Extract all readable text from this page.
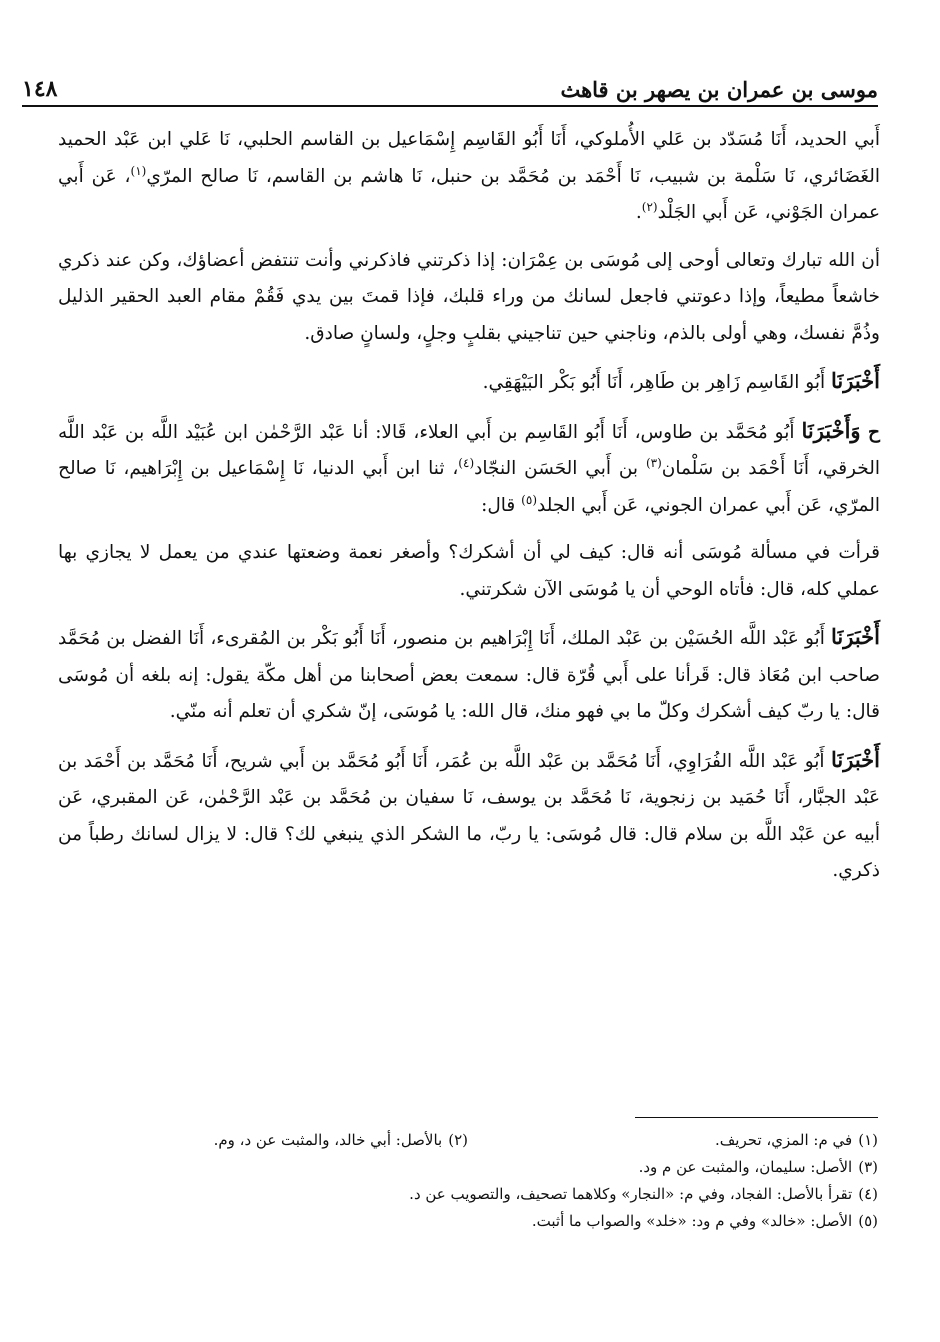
موسى بن عمران بن يصهر بن قاهث
١٤٨

أَبي الحديد، أَنَا مُسَدّد بن عَلي الأُملوكي، أَنَا أَبُو القَاسِم إِسْمَاعيل بن القاسم الحلبي، نَا عَلي ابن عَبْد الحميد الغَضَائري، نَا سَلْمة بن شبيب، نَا أَحْمَد بن مُحَمَّد بن حنبل، نَا هاشم بن القاسم، نَا صالح المرّي$^{(١)}$، عَن أَبي عمران الجَوْني، عَن أَبي الجَلْد$^{(٢)}$.

أن الله تبارك وتعالى أوحى إلى مُوسَى بن عِمْرَان: إذا ذكرتني فاذكرني وأنت تنتفض أعضاؤك، وكن عند ذكري خاشعاً مطيعاً، وإذا دعوتني فاجعل لسانك من وراء قلبك، فإذا قمتَ بين يدي فَقُمْ مقام العبد الحقير الذليل وذُمَّ نفسك، وهي أولى بالذم، وناجني حين تناجيني بقلبٍ وجلٍ، ولسانٍ صادق.

أَخْبَرَنَا أَبُو القَاسِم زَاهِر بن طَاهِر، أَنَا أَبُو بَكْر البَيْهَقِي.

ح وَأَخْبَرَنَا أَبُو مُحَمَّد بن طاوس، أَنَا أَبُو القَاسِم بن أَبي العلاء، قَالا: أنا عَبْد الرَّحْمٰن ابن عُبَيْد اللَّه بن عَبْد اللَّه الخرقي، أَنَا أَحْمَد بن سَلْمان$^{(٣)}$ بن أَبي الحَسَن النجّاد$^{(٤)}$، ثنا ابن أَبي الدنيا، نَا إِسْمَاعيل بن إِبْرَاهيم، نَا صالح المرّي، عَن أَبي عمران الجوني، عَن أَبي الجلد$^{(٥)}$ قال:

قرأت في مسألة مُوسَى أنه قال: كيف لي أن أشكرك؟ وأصغر نعمة وضعتها عندي من يعمل لا يجازي بها عملي كله، قال: فأتاه الوحي أن يا مُوسَى الآن شكرتني.

أَخْبَرَنَا أَبُو عَبْد اللَّه الحُسَيْن بن عَبْد الملك، أَنَا إِبْرَاهيم بن منصور، أَنَا أَبُو بَكْر بن المُقرىء، أَنَا الفضل بن مُحَمَّد صاحب ابن مُعَاذ قال: قَرأنا على أَبي قُرّة قال: سمعت بعض أصحابنا من أهل مكّة يقول: إنه بلغه أن مُوسَى قال: يا ربّ كيف أشكرك وكلّ ما بي فهو منك، قال الله: يا مُوسَى، إنّ شكري أن تعلم أنه منّي.

أَخْبَرَنَا أَبُو عَبْد اللَّه الفُرَاوِي، أَنَا مُحَمَّد بن عَبْد اللَّه بن عُمَر، أَنَا أَبُو مُحَمَّد بن أَبي شريح، أَنَا مُحَمَّد بن أَحْمَد بن عَبْد الجبَّار، أَنَا حُمَيد بن زنجوية، نَا مُحَمَّد بن يوسف، نَا سفيان بن مُحَمَّد بن عَبْد الرَّحْمٰن، عَن المقبري، عَن أبيه عن عَبْد اللَّه بن سلام قال: قال مُوسَى: يا ربّ، ما الشكر الذي ينبغي لك؟ قال: لا يزال لسانك رطباً من ذكري.

(١)في م: المزي، تحريف.
(٢)بالأصل: أبي خالد، والمثبت عن د، وم.
(٣)
الأصل: سليمان، والمثبت عن م ود.
(٤)
تقرأ بالأصل: الفجاد، وفي م: «النجار» وكلاهما تصحيف، والتصويب عن د.
(٥)
الأصل: «خالد» وفي م ود: «خلد» والصواب ما أثبت.
